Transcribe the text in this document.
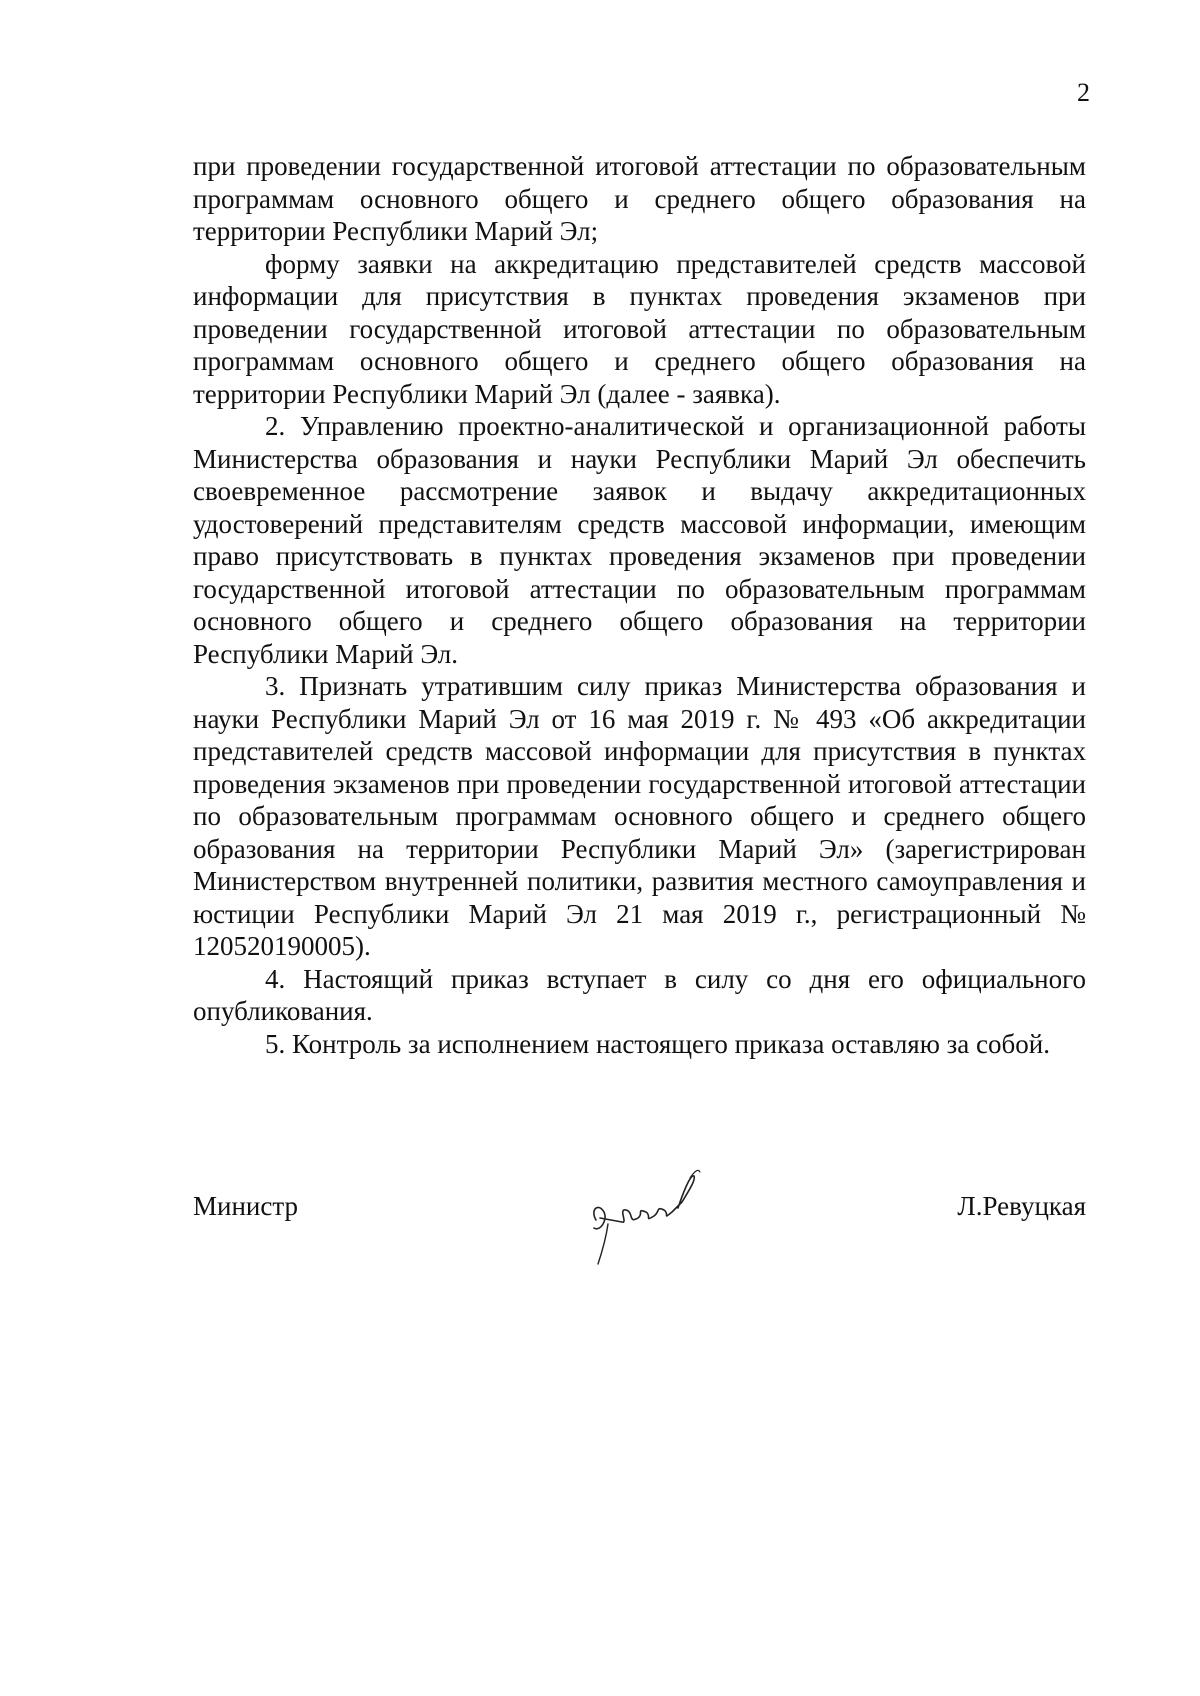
2

при проведении государственной итоговой аттестации по образовательным программам основного общего и среднего общего образования на территории Республики Марий Эл;

форму заявки на аккредитацию представителей средств массовой информации для присутствия в пунктах проведения экзаменов при проведении государственной итоговой аттестации по образовательным программам основного общего и среднего общего образования на территории Республики Марий Эл (далее - заявка).

2. Управлению проектно-аналитической и организационной работы Министерства образования и науки Республики Марий Эл обеспечить своевременное рассмотрение заявок и выдачу аккредитационных удостоверений представителям средств массовой информации, имеющим право присутствовать в пунктах проведения экзаменов при проведении государственной итоговой аттестации по образовательным программам основного общего и среднего общего образования на территории Республики Марий Эл.

3. Признать утратившим силу приказ Министерства образования и науки Республики Марий Эл от 16 мая 2019 г. № 493 «Об аккредитации представителей средств массовой информации для присутствия в пунктах проведения экзаменов при проведении государственной итоговой аттестации по образовательным программам основного общего и среднего общего образования на территории Республики Марий Эл» (зарегистрирован Министерством внутренней политики, развития местного самоуправления и юстиции Республики Марий Эл 21 мая 2019 г., регистрационный № 120520190005).

4. Настоящий приказ вступает в силу со дня его официального опубликования.

5. Контроль за исполнением настоящего приказа оставляю за собой.

Министр	Л.Ревуцкая
